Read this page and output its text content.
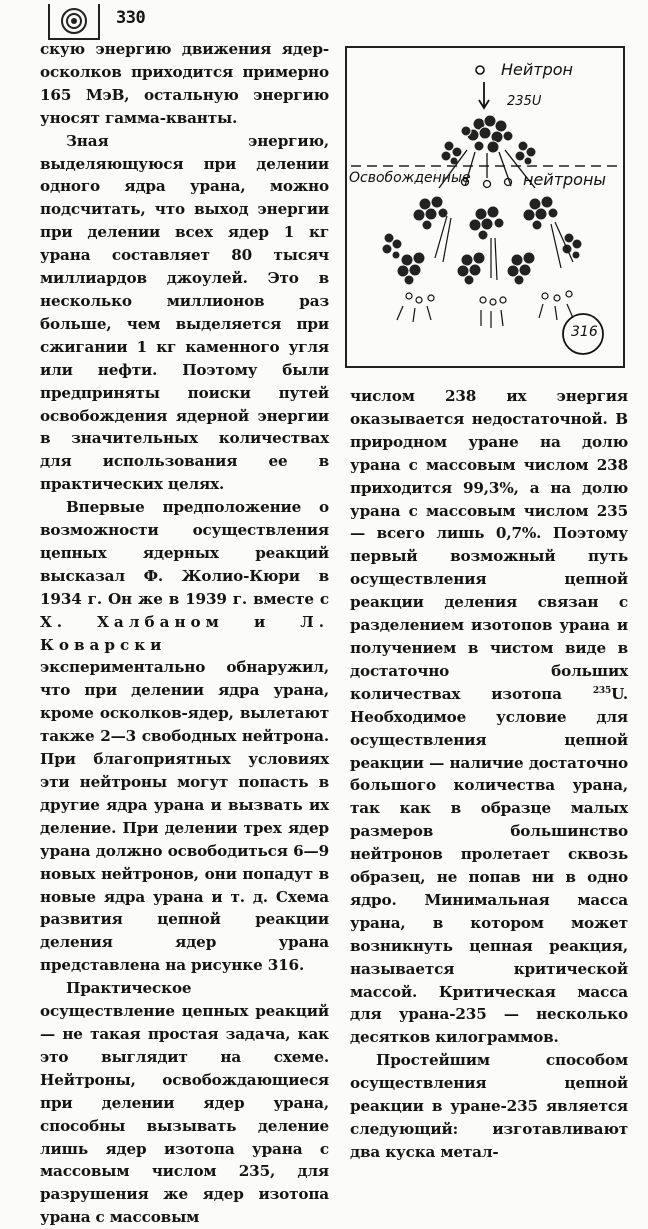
330

скую энергию движения ядер-осколков приходится примерно 165 МэВ, остальную энергию уносят гамма-кванты.

Зная энергию, выделяющуюся при делении одного ядра урана, можно подсчитать, что выход энергии при делении всех ядер 1 кг урана составляет 80 тысяч миллиардов джоулей. Это в несколько миллионов раз больше, чем выделяется при сжигании 1 кг каменного угля или нефти. Поэтому были предприняты поиски путей освобождения ядерной энергии в значительных количествах для использования ее в практических целях.

Впервые предположение о возможности осуществления цепных ядерных реакций высказал Ф. Жолио-Кюри в 1934 г. Он же в 1939 г. вместе с Х. Халбаном и Л. Коварски экспериментально обнаружил, что при делении ядра урана, кроме осколков-ядер, вылетают также 2—3 свободных нейтрона. При благоприятных условиях эти нейтроны могут попасть в другие ядра урана и вызвать их деление. При делении трех ядер урана должно освободиться 6—9 новых нейтронов, они попадут в новые ядра урана и т. д. Схема развития цепной реакции деления ядер урана представлена на рисунке 316.

Практическое осуществление цепных реакций — не такая простая задача, как это выглядит на схеме. Нейтроны, освобождающиеся при делении ядер урана, способны вызывать деление лишь ядер изотопа урана с массовым числом 235, для разрушения же ядер изотопа урана с массовым

Нейтрон
235U
Освобожденные	нейтроны
316

числом 238 их энергия оказывается недостаточной. В природном уране на долю урана с массовым числом 238 приходится 99,3%, а на долю урана с массовым числом 235 — всего лишь 0,7%. Поэтому первый возможный путь осуществления цепной реакции деления связан с разделением изотопов урана и получением в чистом виде в достаточно больших количествах изотопа	$^{235}$U. Необходимое условие для осуществления цепной реакции — наличие достаточно большого количества урана, так как в образце малых размеров большинство нейтронов пролетает сквозь образец, не попав ни в одно ядро. Минимальная масса урана, в котором может возникнуть цепная реакция, называется критической массой. Критическая масса для урана-235 — несколько десятков килограммов.

Простейшим способом осуществления цепной реакции в уране-235 является следующий: изготавливают два куска метал-
